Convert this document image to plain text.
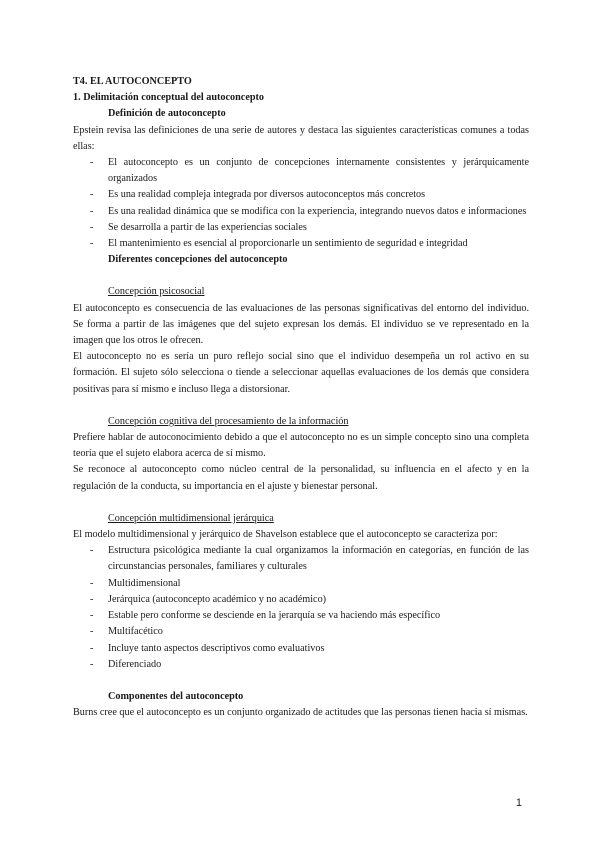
T4. EL AUTOCONCEPTO

1. Delimitación conceptual del autoconcepto

Definición de autoconcepto

Epstein revisa las definiciones de una serie de autores y destaca las siguientes características comunes a todas ellas:

- El autoconcepto es un conjunto de concepciones internamente consistentes y jerárquicamente organizados
- Es una realidad compleja integrada por diversos autoconceptos más concretos
- Es una realidad dinámica que se modifica con la experiencia, integrando nuevos datos e informaciones
- Se desarrolla a partir de las experiencias sociales
- El mantenimiento es esencial al proporcionarle un sentimiento de seguridad e integridad

Diferentes concepciones del autoconcepto

Concepción psicosocial

El autoconcepto es consecuencia de las evaluaciones de las personas significativas del entorno del individuo. Se forma a partir de las imágenes que del sujeto expresan los demás. El individuo se ve representado en la imagen que los otros le ofrecen.

El autoconcepto no es sería un puro reflejo social sino que el individuo desempeña un rol activo en su formación. El sujeto sólo selecciona o tiende a seleccionar aquellas evaluaciones de los demás que considera positivas para sí mismo e incluso llega a distorsionar.

Concepción cognitiva del procesamiento de la información

Prefiere hablar de autoconocimiento debido a que el autoconcepto no es un simple concepto sino una completa teoría que el sujeto elabora acerca de sí mismo.

Se reconoce al autoconcepto como núcleo central de la personalidad, su influencia en el afecto y en la regulación de la conducta, su importancia en el ajuste y bienestar personal.

Concepción multidimensional jerárquica

El modelo multidimensional y jerárquico de Shavelson establece que el autoconcepto se caracteriza por:

- Estructura psicológica mediante la cual organizamos la información en categorías, en función de las circunstancias personales, familiares y culturales
- Multidimensional
- Jerárquica (autoconcepto académico y no académico)
- Estable pero conforme se desciende en la jerarquía se va haciendo más específico
- Multifacético
- Incluye tanto aspectos descriptivos como evaluativos
- Diferenciado

Componentes del autoconcepto

Burns cree que el autoconcepto es un conjunto organizado de actitudes que las personas tienen hacia sí mismas.

1
